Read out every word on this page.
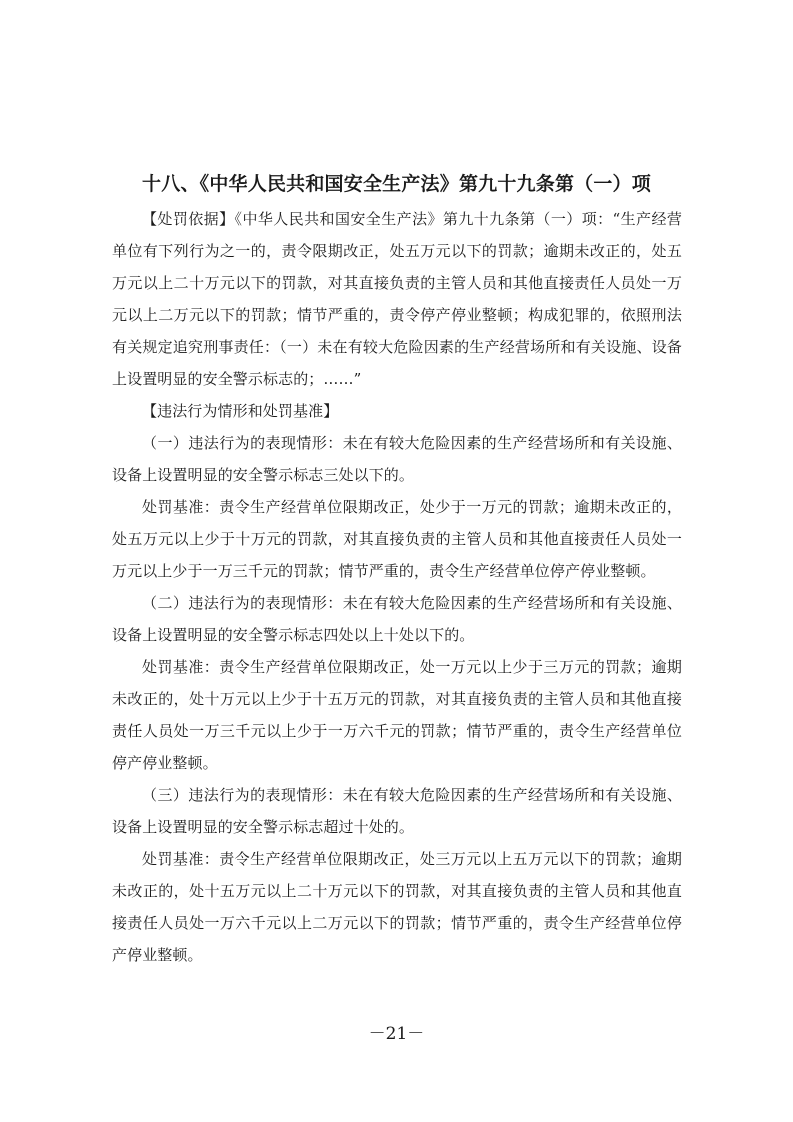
十八、《中华人民共和国安全生产法》第九十九条第（一）项

【处罚依据】《中华人民共和国安全生产法》第九十九条第（一）项：“生产经营单位有下列行为之一的，责令限期改正，处五万元以下的罚款；逾期未改正的，处五万元以上二十万元以下的罚款，对其直接负责的主管人员和其他直接责任人员处一万元以上二万元以下的罚款；情节严重的，责令停产停业整顿；构成犯罪的，依照刑法有关规定追究刑事责任：（一）未在有较大危险因素的生产经营场所和有关设施、设备上设置明显的安全警示标志的；……”

【违法行为情形和处罚基准】

（一）违法行为的表现情形：未在有较大危险因素的生产经营场所和有关设施、设备上设置明显的安全警示标志三处以下的。

处罚基准：责令生产经营单位限期改正，处少于一万元的罚款；逾期未改正的，处五万元以上少于十万元的罚款，对其直接负责的主管人员和其他直接责任人员处一万元以上少于一万三千元的罚款；情节严重的，责令生产经营单位停产停业整顿。

（二）违法行为的表现情形：未在有较大危险因素的生产经营场所和有关设施、设备上设置明显的安全警示标志四处以上十处以下的。

处罚基准：责令生产经营单位限期改正，处一万元以上少于三万元的罚款；逾期未改正的，处十万元以上少于十五万元的罚款，对其直接负责的主管人员和其他直接责任人员处一万三千元以上少于一万六千元的罚款；情节严重的，责令生产经营单位停产停业整顿。

（三）违法行为的表现情形：未在有较大危险因素的生产经营场所和有关设施、设备上设置明显的安全警示标志超过十处的。

处罚基准：责令生产经营单位限期改正，处三万元以上五万元以下的罚款；逾期未改正的，处十五万元以上二十万元以下的罚款，对其直接负责的主管人员和其他直接责任人员处一万六千元以上二万元以下的罚款；情节严重的，责令生产经营单位停产停业整顿。

－21－
